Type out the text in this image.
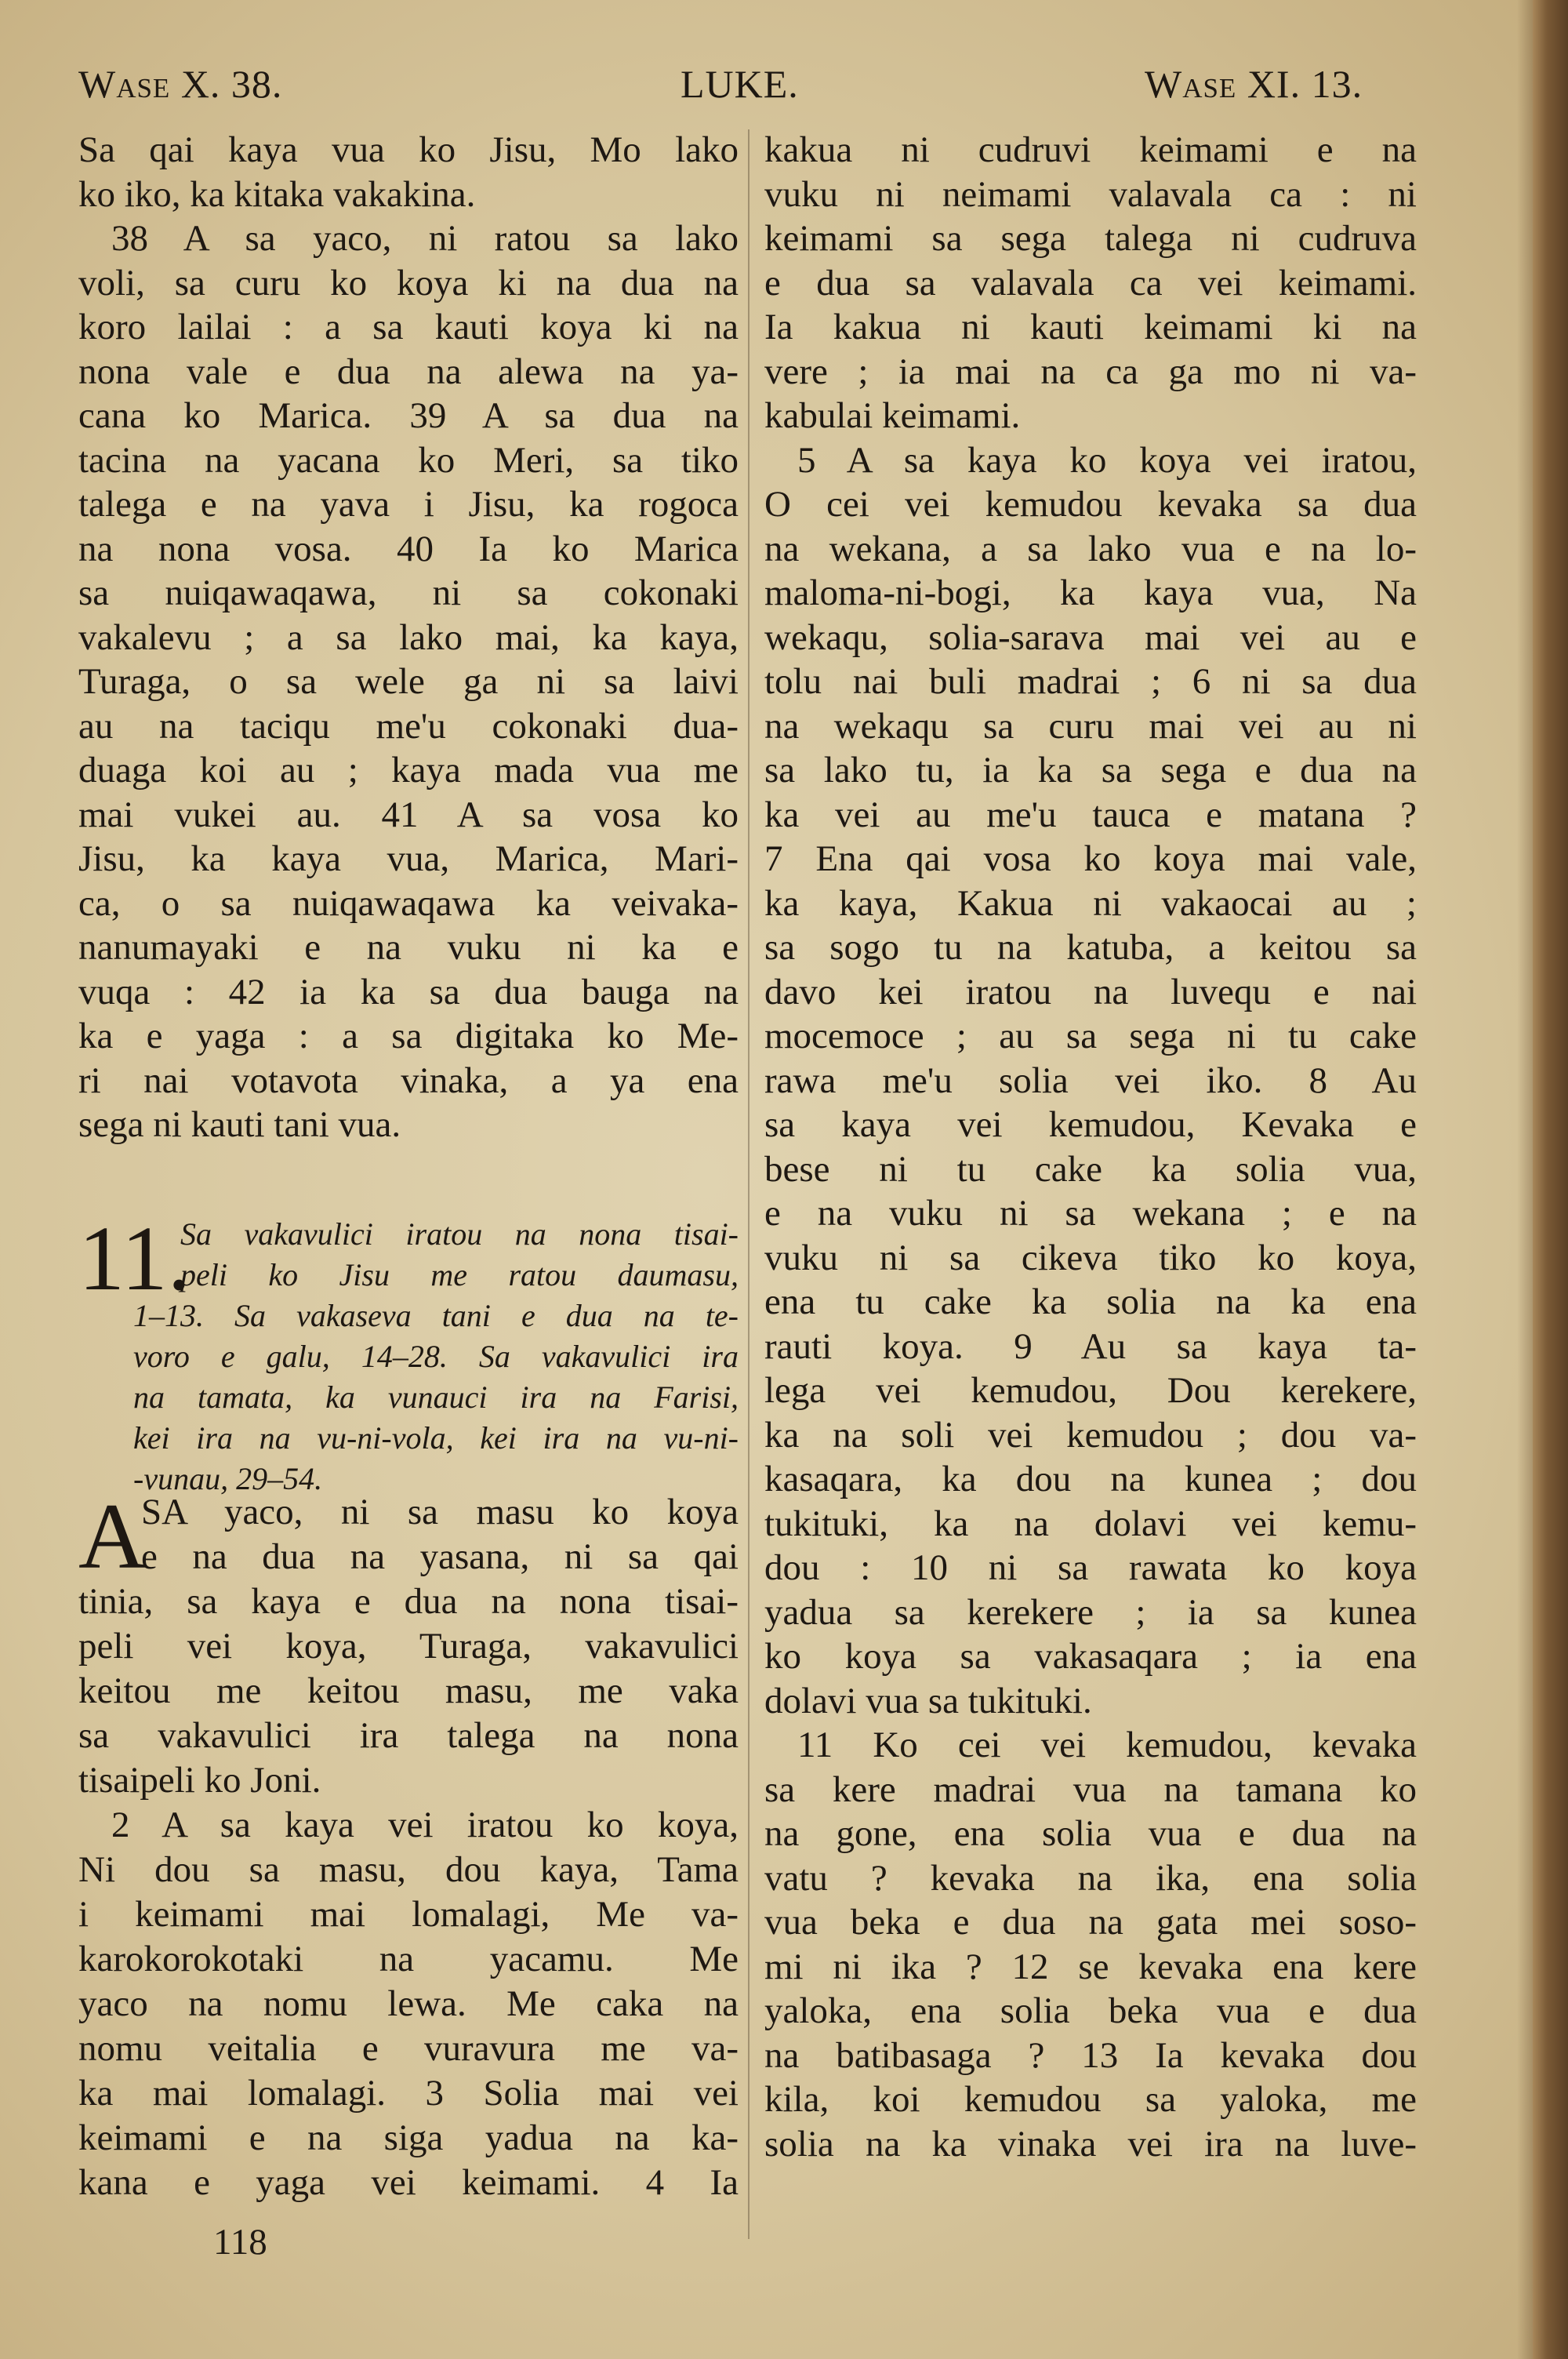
Wase X. 38.	LUKE.	Wase XI. 13.
Sa qai kaya vua ko Jisu, Mo lako
ko iko, ka kitaka vakakina.
38 A sa yaco, ni ratou sa lako
voli, sa curu ko koya ki na dua na
koro lailai : a sa kauti koya ki na
nona vale e dua na alewa na ya-
cana ko Marica. 39 A sa dua na
tacina na yacana ko Meri, sa tiko
talega e na yava i Jisu, ka rogoca
na nona vosa. 40 Ia ko Marica
sa nuiqawaqawa, ni sa cokonaki
vakalevu ; a sa lako mai, ka kaya,
Turaga, o sa wele ga ni sa laivi
au na taciqu me'u cokonaki dua-
duaga koi au ; kaya mada vua me
mai vukei au. 41 A sa vosa ko
Jisu, ka kaya vua, Marica, Mari-
ca, o sa nuiqawaqawa ka veivaka-
nanumayaki e na vuku ni ka e
vuqa : 42 ia ka sa dua bauga na
ka e yaga : a sa digitaka ko Me-
ri nai votavota vinaka, a ya ena
sega ni kauti tani vua.
11.
Sa vakavulici iratou na nona tisai-
peli ko Jisu me ratou daumasu,
1–13. Sa vakaseva tani e dua na te-
voro e galu, 14–28. Sa vakavulici ira
na tamata, ka vunauci ira na Farisi,
kei ira na vu-ni-vola, kei ira na vu-ni-
-vunau, 29–54.
A
SA yaco, ni sa masu ko koya
e na dua na yasana, ni sa qai
tinia, sa kaya e dua na nona tisai-
peli vei koya, Turaga, vakavulici
keitou me keitou masu, me vaka
sa vakavulici ira talega na nona
tisaipeli ko Joni.
2 A sa kaya vei iratou ko koya,
Ni dou sa masu, dou kaya, Tama
i keimami mai lomalagi, Me va-
karokorokotaki na yacamu. Me
yaco na nomu lewa. Me caka na
nomu veitalia e vuravura me va-
ka mai lomalagi. 3 Solia mai vei
keimami e na siga yadua na ka-
kana e yaga vei keimami. 4 Ia
kakua ni cudruvi keimami e na
vuku ni neimami valavala ca : ni
keimami sa sega talega ni cudruva
e dua sa valavala ca vei keimami.
Ia kakua ni kauti keimami ki na
vere ; ia mai na ca ga mo ni va-
kabulai keimami.
5 A sa kaya ko koya vei iratou,
O cei vei kemudou kevaka sa dua
na wekana, a sa lako vua e na lo-
maloma-ni-bogi, ka kaya vua, Na
wekaqu, solia-sarava mai vei au e
tolu nai buli madrai ; 6 ni sa dua
na wekaqu sa curu mai vei au ni
sa lako tu, ia ka sa sega e dua na
ka vei au me'u tauca e matana ?
7 Ena qai vosa ko koya mai vale,
ka kaya, Kakua ni vakaocai au ;
sa sogo tu na katuba, a keitou sa
davo kei iratou na luvequ e nai
mocemoce ; au sa sega ni tu cake
rawa me'u solia vei iko. 8 Au
sa kaya vei kemudou, Kevaka e
bese ni tu cake ka solia vua,
e na vuku ni sa wekana ; e na
vuku ni sa cikeva tiko ko koya,
ena tu cake ka solia na ka ena
rauti koya. 9 Au sa kaya ta-
lega vei kemudou, Dou kerekere,
ka na soli vei kemudou ; dou va-
kasaqara, ka dou na kunea ; dou
tukituki, ka na dolavi vei kemu-
dou : 10 ni sa rawata ko koya
yadua sa kerekere ; ia sa kunea
ko koya sa vakasaqara ; ia ena
dolavi vua sa tukituki.
11 Ko cei vei kemudou, kevaka
sa kere madrai vua na tamana ko
na gone, ena solia vua e dua na
vatu ? kevaka na ika, ena solia
vua beka e dua na gata mei soso-
mi ni ika ? 12 se kevaka ena kere
yaloka, ena solia beka vua e dua
na batibasaga ? 13 Ia kevaka dou
kila, koi kemudou sa yaloka, me
solia na ka vinaka vei ira na luve-
118
